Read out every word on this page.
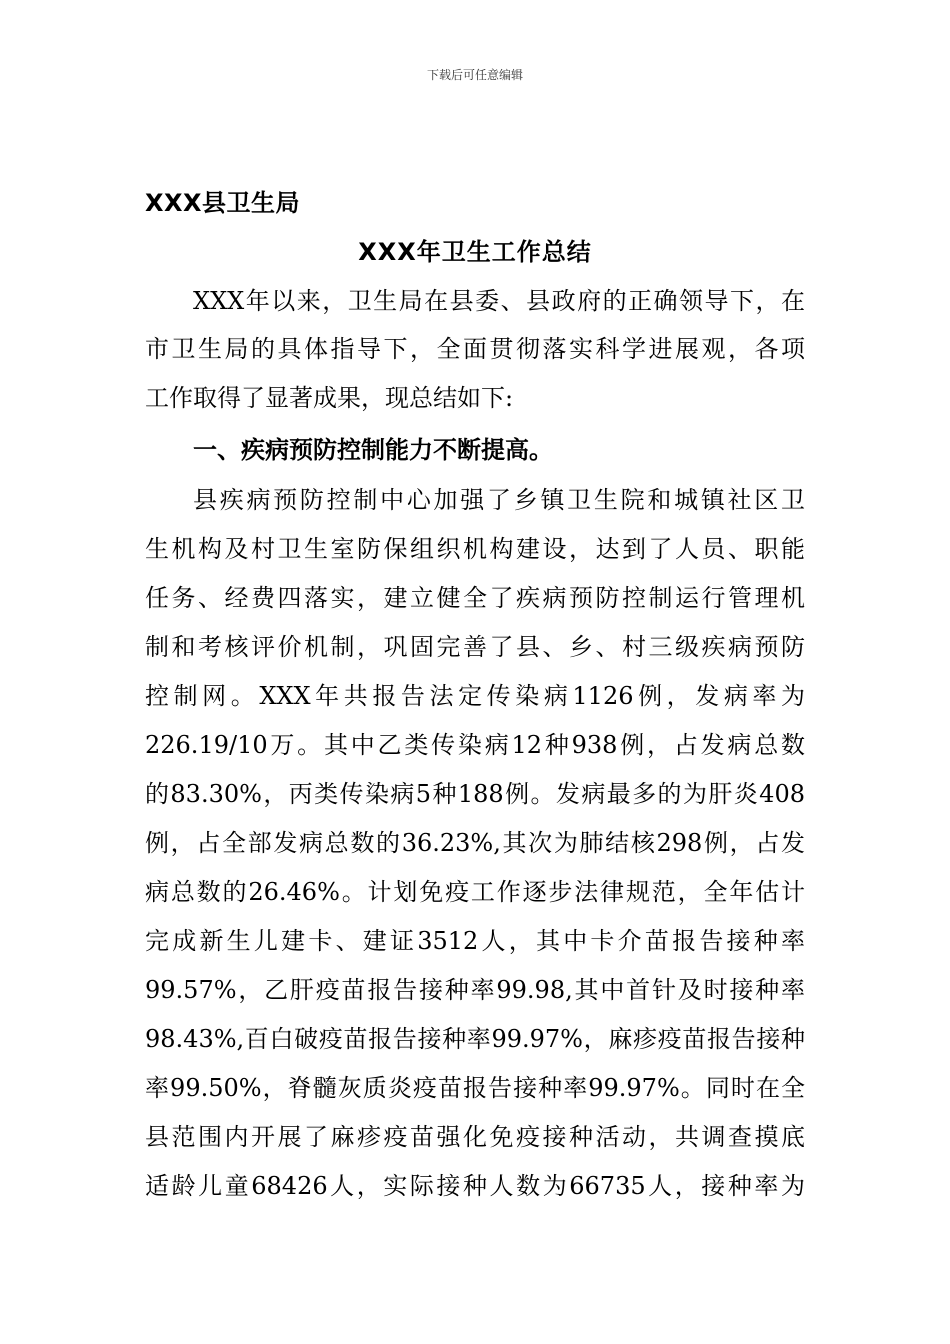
下载后可任意编辑
XXX县卫生局
XXX年卫生工作总结
XXX年以来，卫生局在县委、县政府的正确领导下，在
市卫生局的具体指导下，全面贯彻落实科学进展观，各项
工作取得了显著成果，现总结如下:
一、疾病预防控制能力不断提高。
县疾病预防控制中心加强了乡镇卫生院和城镇社区卫
生机构及村卫生室防保组织机构建设，达到了人员、职能
任务、经费四落实，建立健全了疾病预防控制运行管理机
制和考核评价机制，巩固完善了县、乡、村三级疾病预防
控制网。XXX年共报告法定传染病1126例，发病率为
226.19/10万。其中乙类传染病12种938例，占发病总数
的83.30%，丙类传染病5种188例。发病最多的为肝炎408
例，占全部发病总数的36.23%,其次为肺结核298例，占发
病总数的26.46%。计划免疫工作逐步法律规范，全年估计
完成新生儿建卡、建证3512人，其中卡介苗报告接种率
99.57%，乙肝疫苗报告接种率99.98,其中首针及时接种率
98.43%,百白破疫苗报告接种率99.97%，麻疹疫苗报告接种
率99.50%，脊髓灰质炎疫苗报告接种率99.97%。同时在全
县范围内开展了麻疹疫苗强化免疫接种活动，共调查摸底
适龄儿童68426人，实际接种人数为66735人，接种率为
